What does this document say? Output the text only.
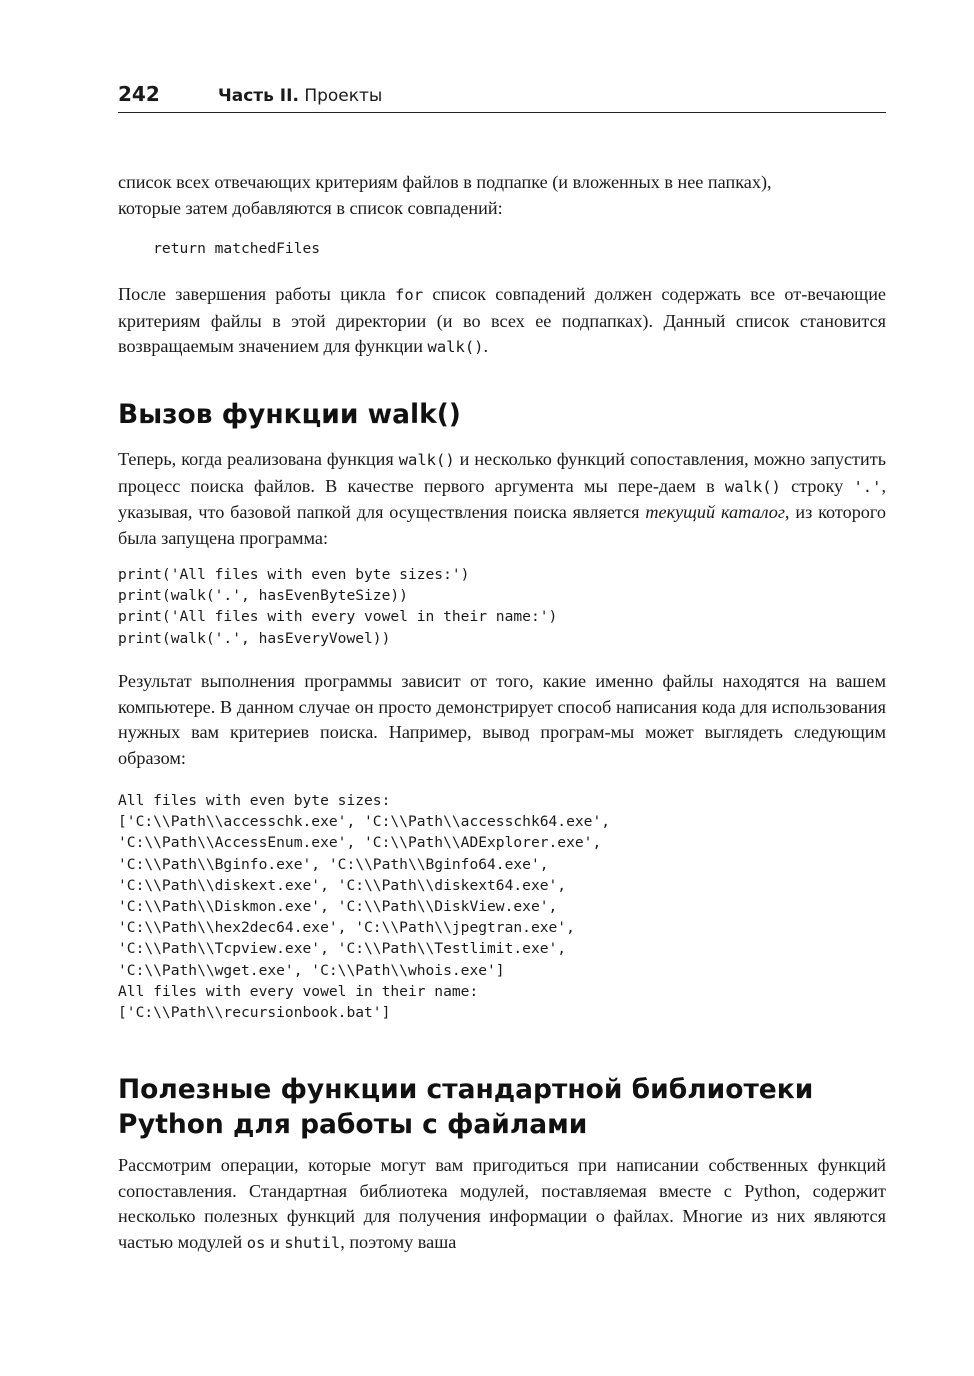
242	Часть II. Проекты

список всех отвечающих критериям файлов в подпапке (и вложенных в нее папках),
которые затем добавляются в список совпадений:

return matchedFiles

После завершения работы цикла for список совпадений должен содержать все от-вечающие критериям файлы в этой директории (и во всех ее подпапках). Данный список становится возвращаемым значением для функции walk().

Вызов функции walk()

Теперь, когда реализована функция walk() и несколько функций сопоставления, можно запустить процесс поиска файлов. В качестве первого аргумента мы пере-даем в walk() строку '.', указывая, что базовой папкой для осуществления поиска является текущий каталог, из которого была запущена программа:

print('All files with even byte sizes:')
print(walk('.', hasEvenByteSize))
print('All files with every vowel in their name:')
print(walk('.', hasEveryVowel))

Результат выполнения программы зависит от того, какие именно файлы находятся на вашем компьютере. В данном случае он просто демонстрирует способ написания кода для использования нужных вам критериев поиска. Например, вывод програм-мы может выглядеть следующим образом:

All files with even byte sizes:
['C:\\Path\\accesschk.exe', 'C:\\Path\\accesschk64.exe',
'C:\\Path\\AccessEnum.exe', 'C:\\Path\\ADExplorer.exe',
'C:\\Path\\Bginfo.exe', 'C:\\Path\\Bginfo64.exe',
'C:\\Path\\diskext.exe', 'C:\\Path\\diskext64.exe',
'C:\\Path\\Diskmon.exe', 'C:\\Path\\DiskView.exe',
'C:\\Path\\hex2dec64.exe', 'C:\\Path\\jpegtran.exe',
'C:\\Path\\Tcpview.exe', 'C:\\Path\\Testlimit.exe',
'C:\\Path\\wget.exe', 'C:\\Path\\whois.exe']
All files with every vowel in their name:
['C:\\Path\\recursionbook.bat']
Полезные функции стандартной библиотеки
Python для работы с файлами

Рассмотрим операции, которые могут вам пригодиться при написании собственных функций сопоставления. Стандартная библиотека модулей, поставляемая вместе с Python, содержит несколько полезных функций для получения информации о файлах. Многие из них являются частью модулей os и shutil, поэтому ваша
